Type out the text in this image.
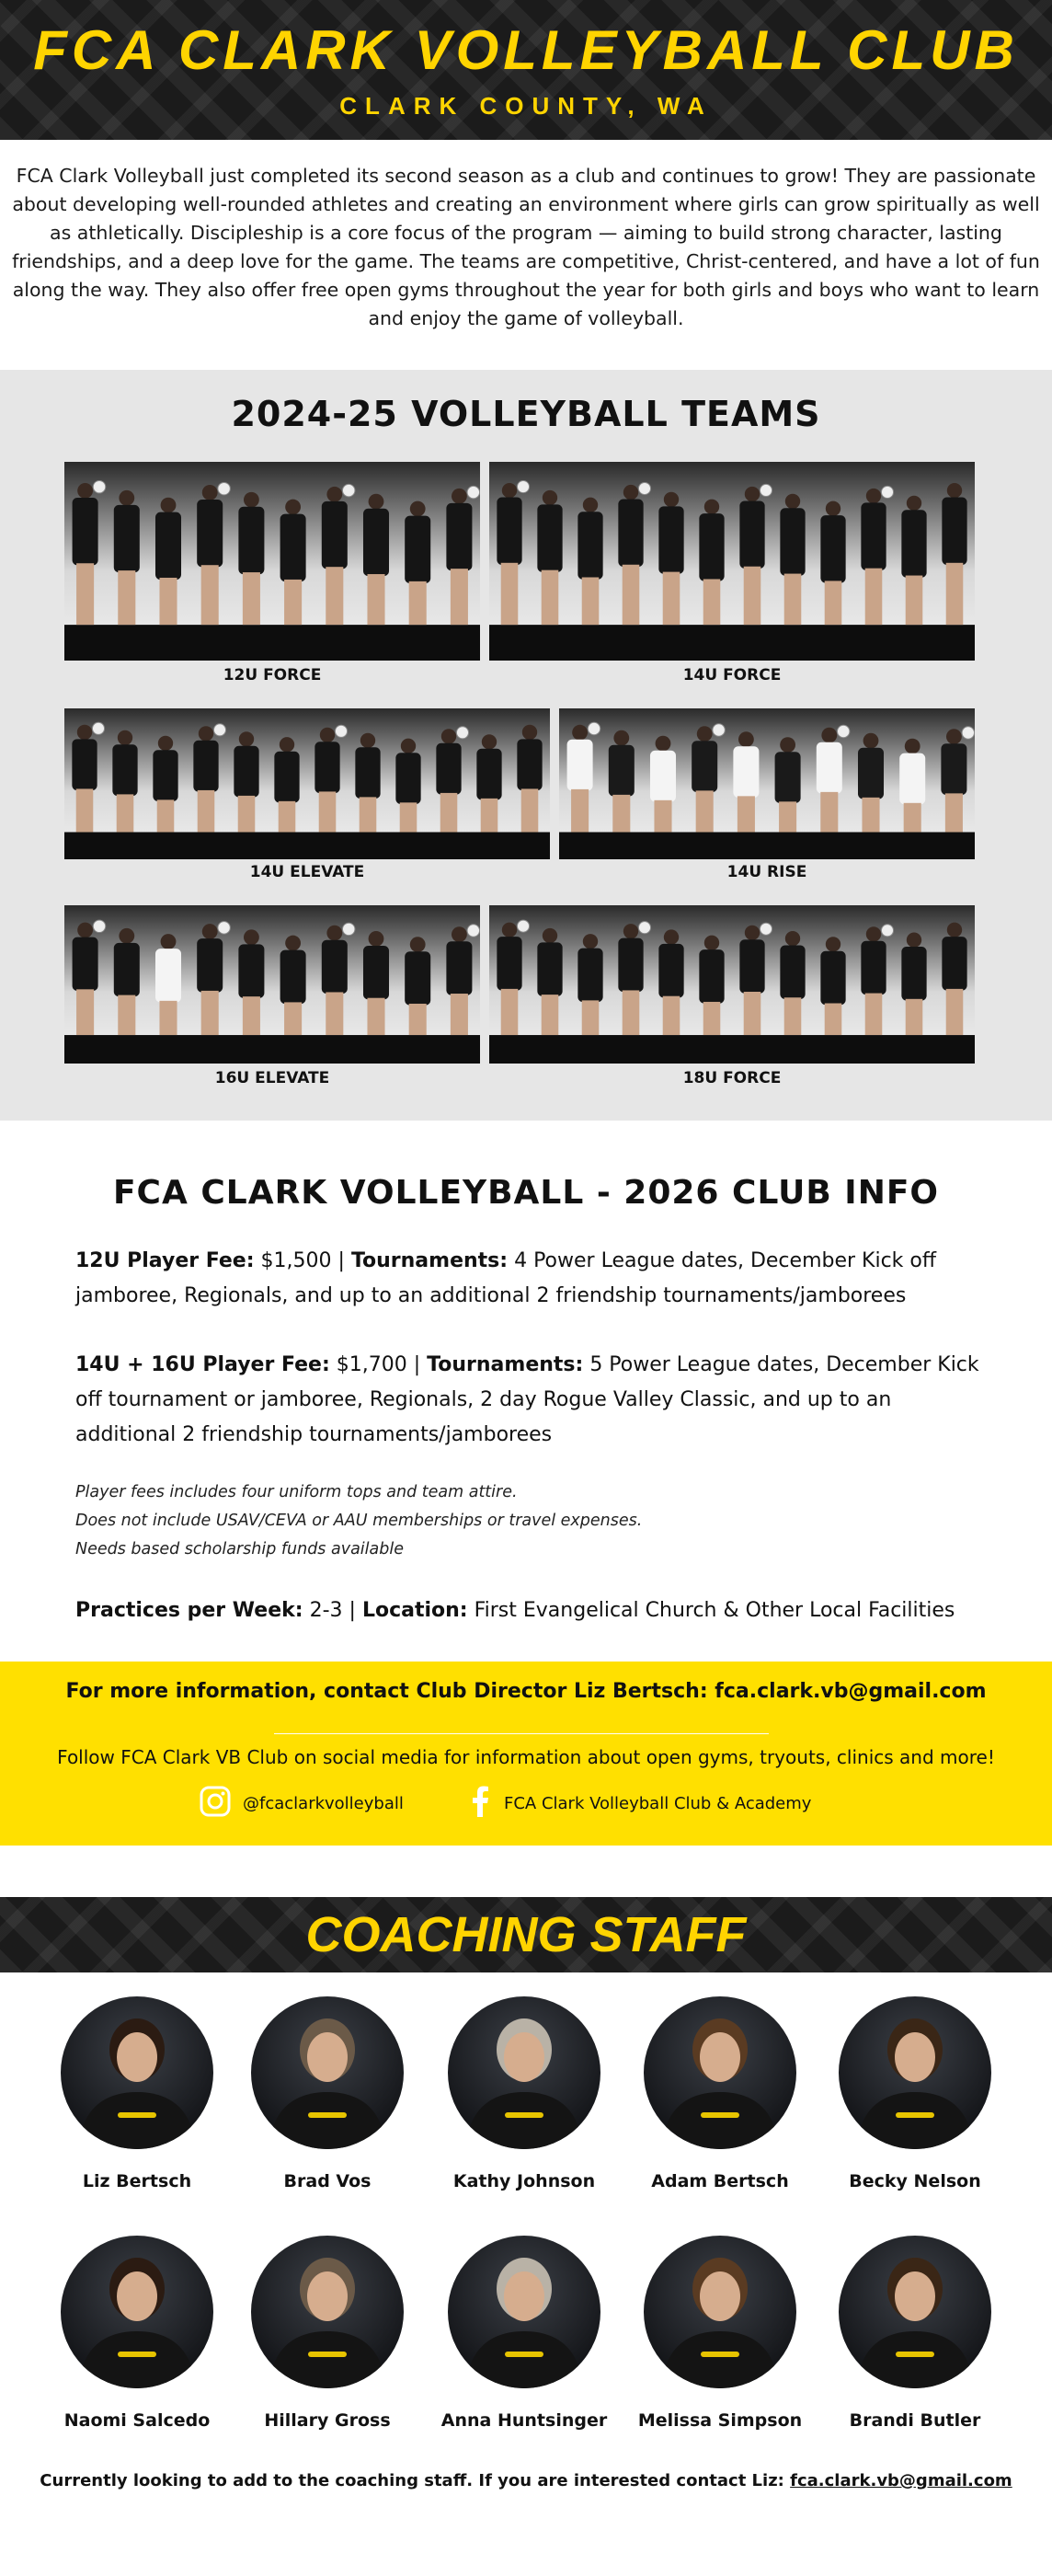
FCA CLARK VOLLEYBALL CLUB
CLARK COUNTY, WA
FCA Clark Volleyball just completed its second season as a club and continues to grow! They are passionate about developing well-rounded athletes and creating an environment where girls can grow spiritually as well as athletically. Discipleship is a core focus of the program — aiming to build strong character, lasting friendships, and a deep love for the game. The teams are competitive, Christ-centered, and have a lot of fun along the way. They also offer free open gyms throughout the year for both girls and boys who want to learn and enjoy the game of volleyball.
2024-25 VOLLEYBALL TEAMS
12U FORCE	14U FORCE
14U ELEVATE	14U RISE
16U ELEVATE	18U FORCE
FCA CLARK VOLLEYBALL - 2026 CLUB INFO
12U Player Fee: $1,500 | Tournaments: 4 Power League dates, December Kick off jamboree, Regionals, and up to an additional 2 friendship tournaments/jamborees
14U + 16U Player Fee: $1,700 | Tournaments: 5 Power League dates, December Kick off tournament or jamboree, Regionals, 2 day Rogue Valley Classic, and up to an additional 2 friendship tournaments/jamborees
Player fees includes four uniform tops and team attire.
Does not include USAV/CEVA or AAU memberships or travel expenses.
Needs based scholarship funds available
Practices per Week: 2-3 | Location: First Evangelical Church & Other Local Facilities
For more information, contact Club Director Liz Bertsch: fca.clark.vb@gmail.com
Follow FCA Clark VB Club on social media for information about open gyms, tryouts, clinics and more!
@fcaclarkvolleyball	FCA Clark Volleyball Club & Academy
COACHING STAFF
Liz Bertsch	Brad Vos	Kathy Johnson	Adam Bertsch	Becky Nelson
Naomi Salcedo	Hillary Gross	Anna Huntsinger	Melissa Simpson	Brandi Butler
Currently looking to add to the coaching staff. If you are interested contact Liz: fca.clark.vb@gmail.com
